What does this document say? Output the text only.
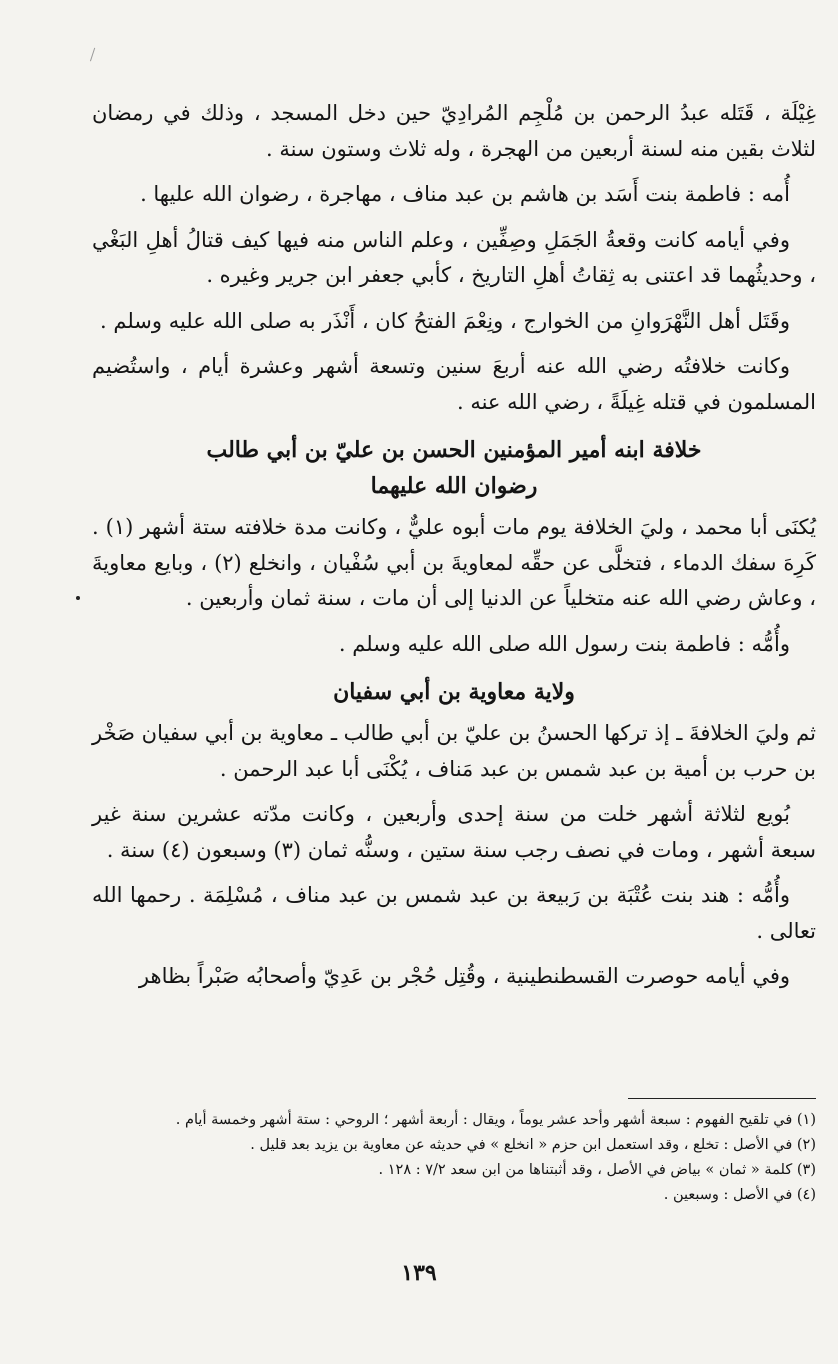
غِيْلَة ، قَتَله عبدُ الرحمن بن مُلْجِم المُرادِيّ حين دخل المسجد ، وذلك في رمضان لثلاث بقين منه لسنة أربعين من الهجرة ، وله ثلاث وستون سنة .

أُمه : فاطمة بنت أَسَد بن هاشم بن عبد مناف ، مهاجرة ، رضوان الله عليها .

وفي أيامه كانت وقعةُ الجَمَلِ وصِفِّين ، وعلم الناس منه فيها كيف قتالُ أهلِ البَغْي ، وحديثُهما قد اعتنى به ثِقاتُ أهلِ التاريخ ، كأبي جعفر ابن جرير وغيره .

وقَتَل أهل النَّهْرَوانِ من الخوارج ، ونِعْمَ الفتحُ كان ، أَنْذَر به صلى الله عليه وسلم .

وكانت خلافتُه رضي الله عنه أربعَ سنين وتسعة أشهر وعشرة أيام ، واستُضيم المسلمون في قتله غِيلَةً ، رضي الله عنه .

خلافة ابنه أمير المؤمنين الحسن بن عليّ بن أبي طالب
رضوان الله عليهما

يُكنَى أبا محمد ، وليَ الخلافة يوم مات أبوه عليٌّ ، وكانت مدة خلافته ستة أشهر (١) . كَرِهَ سفك الدماء ، فتخلَّى عن حقِّه لمعاويةَ بن أبي سُفْيان ، وانخلع (٢) ، وبايع معاويةَ ، وعاش رضي الله عنه متخلياً عن الدنيا إلى أن مات ، سنة ثمان وأربعين .

وأُمُّه : فاطمة بنت رسول الله صلى الله عليه وسلم .

ولاية معاوية بن أبي سفيان

ثم وليَ الخلافةَ ـ إذ تركها الحسنُ بن عليّ بن أبي طالب ـ معاوية بن أبي سفيان صَخْر بن حرب بن أمية بن عبد شمس بن عبد مَناف ، يُكْنَى أبا عبد الرحمن .

بُويع لثلاثة أشهر خلت من سنة إحدى وأربعين ، وكانت مدّته عشرين سنة غير سبعة أشهر ، ومات في نصف رجب سنة ستين ، وسنُّه ثمان (٣) وسبعون (٤) سنة .

وأُمُّه : هند بنت عُتْبَة بن رَبيعة بن عبد شمس بن عبد مناف ، مُسْلِمَة . رحمها الله تعالى .

وفي أيامه حوصرت القسطنطينية ، وقُتِل حُجْر بن عَدِيّ وأصحابُه صَبْراً بظاهر

(١) في تلقيح الفهوم : سبعة أشهر وأحد عشر يوماً ، ويقال : أربعة أشهر ؛ الروحي : ستة أشهر وخمسة أيام .
(٢) في الأصل : تخلع ، وقد استعمل ابن حزم « انخلع » في حديثه عن معاوية بن يزيد بعد قليل .
(٣) كلمة « ثمان » بياض في الأصل ، وقد أثبتناها من ابن سعد ٧/٢ : ١٢٨ .
(٤) في الأصل : وسبعين .
١٣٩
